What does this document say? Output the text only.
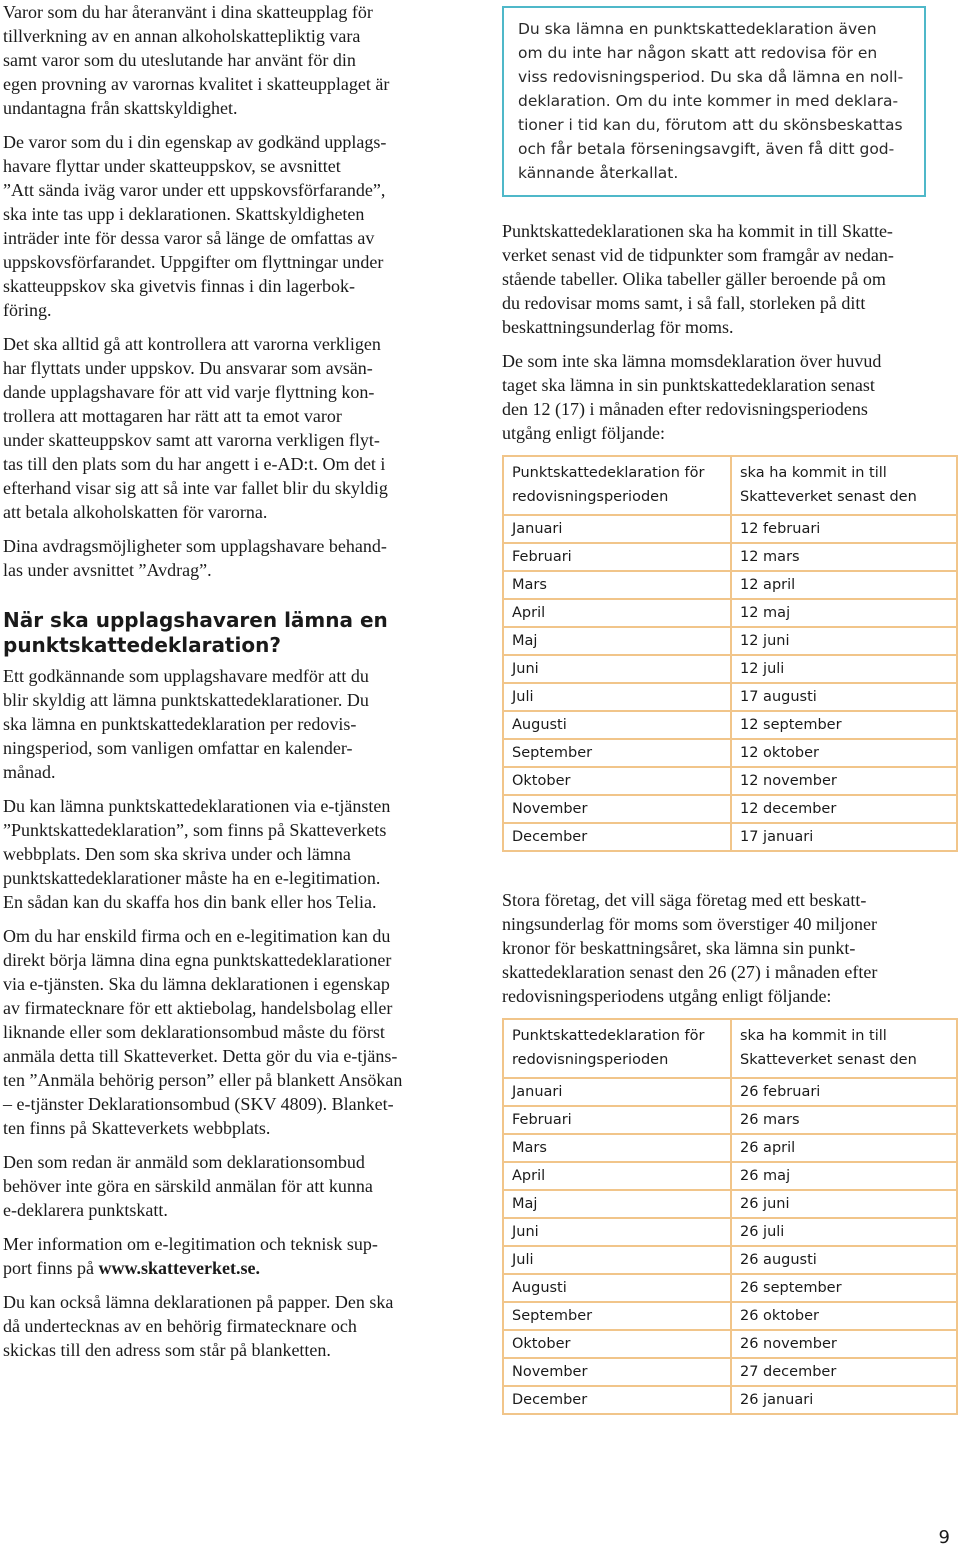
Varor som du har återanvänt i dina skatteupplag för
tillverkning av en annan alkoholskattepliktig vara
samt varor som du uteslutande har använt för din
egen provning av varornas kvalitet i skatteupplaget är
undantagna från skattskyldighet.

De varor som du i din egenskap av godkänd upplags-
havare flyttar under skatteuppskov, se avsnittet
”Att sända iväg varor under ett uppskovsförfarande”,
ska inte tas upp i deklarationen. Skattskyldigheten
inträder inte för dessa varor så länge de omfattas av
uppskovsförfarandet. Uppgifter om flyttningar under
skatteuppskov ska givetvis finnas i din lagerbok-
föring.

Det ska alltid gå att kontrollera att varorna verkligen
har flyttats under uppskov. Du ansvarar som avsän-
dande upplagshavare för att vid varje flyttning kon-
trollera att mottagaren har rätt att ta emot varor
under skatteuppskov samt att varorna verkligen flyt-
tas till den plats som du har angett i e-AD:t. Om det i
efterhand visar sig att så inte var fallet blir du skyldig
att betala alkoholskatten för varorna.

Dina avdragsmöjligheter som upplagshavare behand-
las under avsnittet ”Avdrag”.

När ska upplagshavaren lämna en
punktskattedeklaration?

Ett godkännande som upplagshavare medför att du
blir skyldig att lämna punktskattedeklarationer. Du
ska lämna en punktskattedeklaration per redovis-
ningsperiod, som vanligen omfattar en kalender-
månad.

Du kan lämna punktskattedeklarationen via e-tjänsten
”Punktskattedeklaration”, som finns på Skatteverkets
webbplats. Den som ska skriva under och lämna
punktskattedeklarationer måste ha en e-legitimation.
En sådan kan du skaffa hos din bank eller hos Telia.

Om du har enskild firma och en e-legitimation kan du
direkt börja lämna dina egna punktskattedeklarationer
via e-tjänsten. Ska du lämna deklarationen i egenskap
av firmatecknare för ett aktiebolag, handelsbolag eller
liknande eller som deklarationsombud måste du först
anmäla detta till Skatteverket. Detta gör du via e-tjäns-
ten ”Anmäla behörig person” eller på blankett Ansökan
– e-tjänster Deklarationsombud (SKV 4809). Blanket-
ten finns på Skatteverkets webbplats.

Den som redan är anmäld som deklarationsombud
behöver inte göra en särskild anmälan för att kunna
e-deklarera punktskatt.

Mer information om e-legitimation och teknisk sup-
port finns på www.skatteverket.se.

Du kan också lämna deklarationen på papper. Den ska
då undertecknas av en behörig firmatecknare och
skickas till den adress som står på blanketten.

Du ska lämna en punktskattedeklaration även
om du inte har någon skatt att redovisa för en
viss redovisningsperiod. Du ska då lämna en noll-
deklaration. Om du inte kommer in med deklara-
tioner i tid kan du, förutom att du skönsbeskattas
och får betala förseningsavgift, även få ditt god-
kännande återkallat.

Punktskattedeklarationen ska ha kommit in till Skatte-
verket senast vid de tidpunkter som framgår av nedan-
stående tabeller. Olika tabeller gäller beroende på om
du redovisar moms samt, i så fall, storleken på ditt
beskattningsunderlag för moms.

De som inte ska lämna momsdeklaration över huvud
taget ska lämna in sin punktskattedeklaration senast
den 12 (17) i månaden efter redovisningsperiodens
utgång enligt följande:

Punktskattedeklaration för
redovisningsperioden	ska ha kommit in till
Skatteverket senast den
Januari	12 februari
Februari	12 mars
Mars	12 april
April	12 maj
Maj	12 juni
Juni	12 juli
Juli	17 augusti
Augusti	12 september
September	12 oktober
Oktober	12 november
November	12 december
December	17 januari

Stora företag, det vill säga företag med ett beskatt-
ningsunderlag för moms som överstiger 40 miljoner
kronor för beskattningsåret, ska lämna sin punkt-
skattedeklaration senast den 26 (27) i månaden efter
redovisningsperiodens utgång enligt följande:

Punktskattedeklaration för
redovisningsperioden	ska ha kommit in till
Skatteverket senast den
Januari	26 februari
Februari	26 mars
Mars	26 april
April	26 maj
Maj	26 juni
Juni	26 juli
Juli	26 augusti
Augusti	26 september
September	26 oktober
Oktober	26 november
November	27 december
December	26 januari
9
